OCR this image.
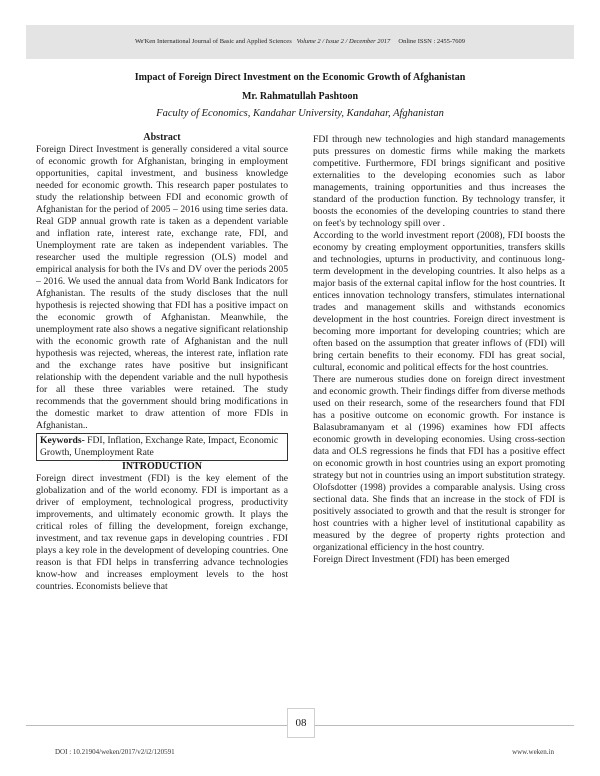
We'Ken International Journal of Basic and Applied Sciences Volume 2 / Issue 2 / December 2017 Online ISSN : 2455-7609
Impact of Foreign Direct Investment on the Economic Growth of Afghanistan

Mr. Rahmatullah Pashtoon

Faculty of Economics, Kandahar University, Kandahar, Afghanistan

Abstract

Foreign Direct Investment is generally considered a vital source of economic growth for Afghanistan, bringing in employment opportunities, capital investment, and business knowledge needed for economic growth. This research paper postulates to study the relationship between FDI and economic growth of Afghanistan for the period of 2005 – 2016 using time series data. Real GDP annual growth rate is taken as a dependent variable and inflation rate, interest rate, exchange rate, FDI, and Unemployment rate are taken as independent variables. The researcher used the multiple regression (OLS) model and empirical analysis for both the IVs and DV over the periods 2005 – 2016. We used the annual data from World Bank Indicators for Afghanistan. The results of the study discloses that the null hypothesis is rejected showing that FDI has a positive impact on the economic growth of Afghanistan. Meanwhile, the unemployment rate also shows a negative significant relationship with the economic growth rate of Afghanistan and the null hypothesis was rejected, whereas, the interest rate, inflation rate and the exchange rates have positive but insignificant relationship with the dependent variable and the null hypothesis for all these three variables were retained. The study recommends that the government should bring modifications in the domestic market to draw attention of more FDIs in Afghanistan..

Keywords- FDI, Inflation, Exchange Rate, Impact, Economic Growth, Unemployment Rate

INTRODUCTION

Foreign direct investment (FDI) is the key element of the globalization and of the world economy. FDI is important as a driver of employment, technological progress, productivity improvements, and ultimately economic growth. It plays the critical roles of filling the development, foreign exchange, investment, and tax revenue gaps in developing countries . FDI plays a key role in the development of developing countries. One reason is that FDI helps in transferring advance technologies know-how and increases employment levels to the host countries. Economists believe that

FDI through new technologies and high standard managements puts pressures on domestic firms while making the markets competitive. Furthermore, FDI brings significant and positive externalities to the developing economies such as labor managements, training opportunities and thus increases the standard of the production function. By technology transfer, it boosts the economies of the developing countries to stand there on feet's by technology spill over .

According to the world investment report (2008), FDI boosts the economy by creating employment opportunities, transfers skills and technologies, upturns in productivity, and continuous long-term development in the developing countries. It also helps as a major basis of the external capital inflow for the host countries. It entices innovation technology transfers, stimulates international trades and management skills and withstands economics development in the host countries. Foreign direct investment is becoming more important for developing countries; which are often based on the assumption that greater inflows of (FDI) will bring certain benefits to their economy. FDI has great social, cultural, economic and political effects for the host countries.

There are numerous studies done on foreign direct investment and economic growth. Their findings differ from diverse methods used on their research, some of the researchers found that FDI has a positive outcome on economic growth. For instance is Balasubramanyam et al (1996) examines how FDI affects economic growth in developing economies. Using cross-section data and OLS regressions he finds that FDI has a positive effect on economic growth in host countries using an export promoting strategy but not in countries using an import substitution strategy. Olofsdotter (1998) provides a comparable analysis. Using cross sectional data. She finds that an increase in the stock of FDI is positively associated to growth and that the result is stronger for host countries with a higher level of institutional capability as measured by the degree of property rights protection and organizational efficiency in the host country.

Foreign Direct Investment (FDI) has been emerged

08
DOI : 10.21904/weken/2017/v2/i2/120591	www.weken.in
